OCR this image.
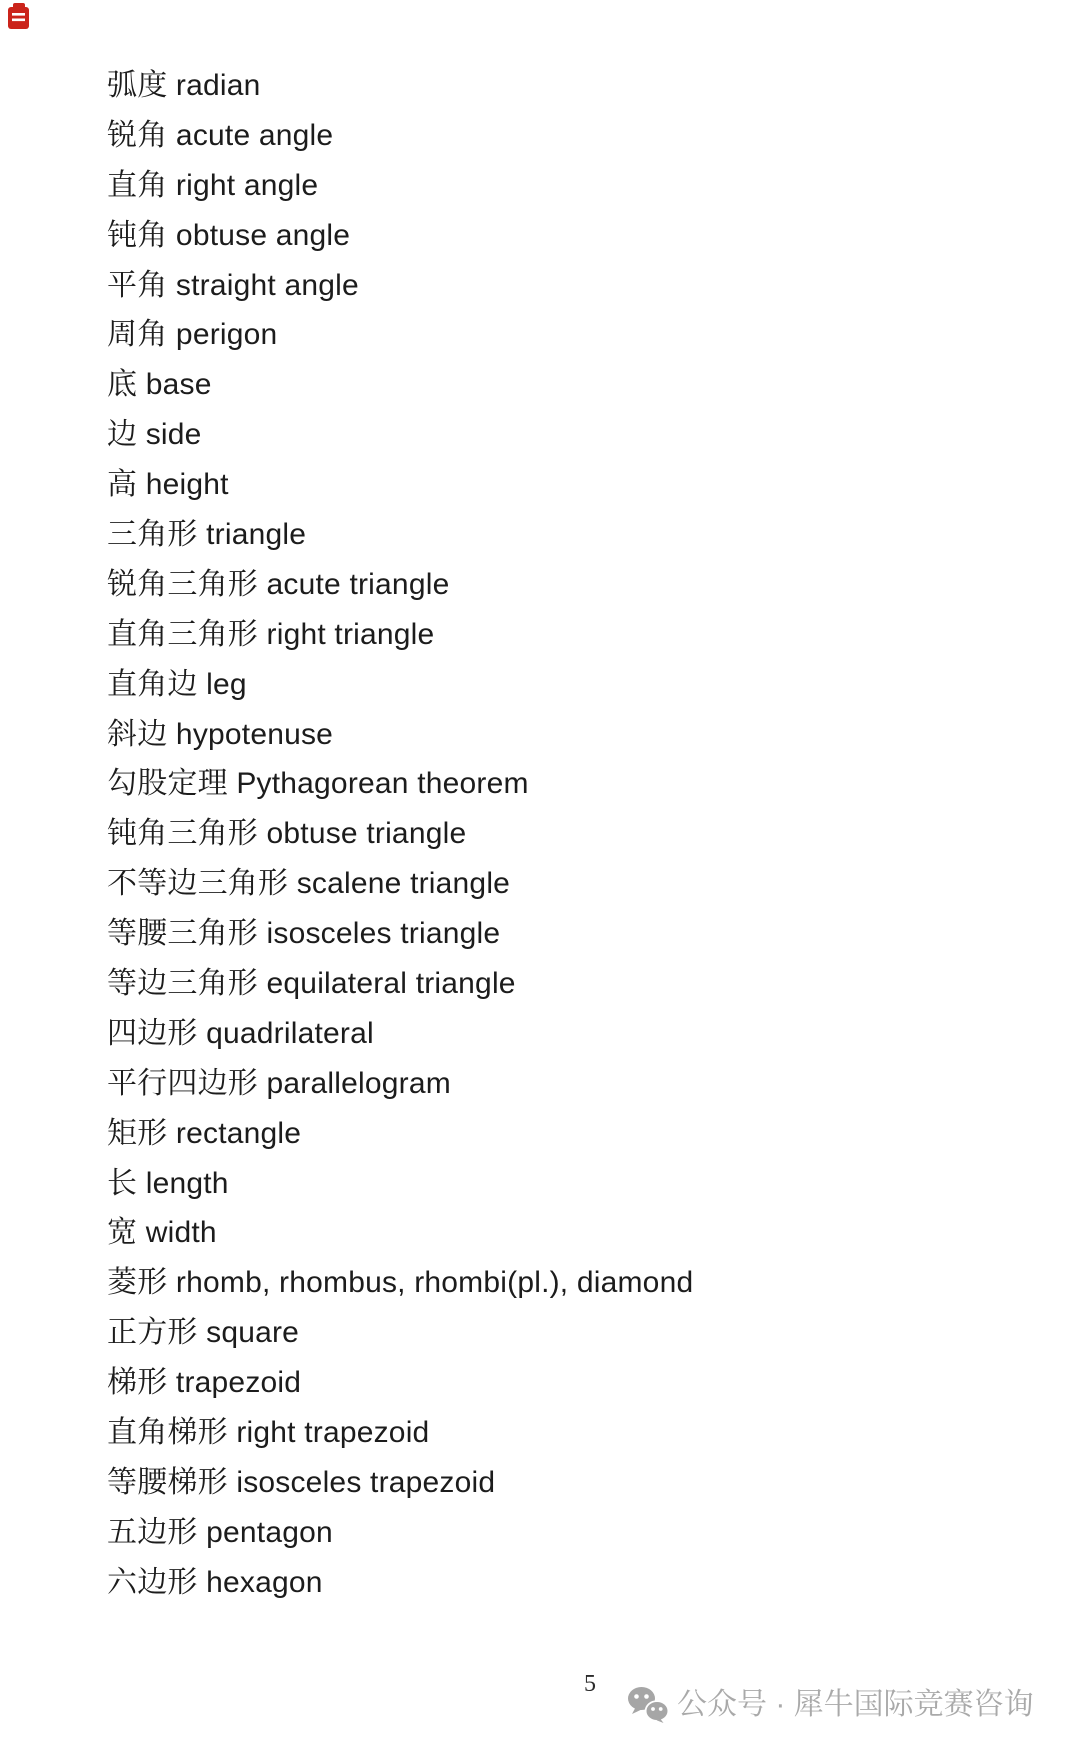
弧度 radian
锐角 acute angle
直角 right angle
钝角 obtuse angle
平角 straight angle
周角 perigon
底 base
边 side
高 height
三角形 triangle
锐角三角形 acute triangle
直角三角形 right triangle
直角边 leg
斜边 hypotenuse
勾股定理 Pythagorean theorem
钝角三角形 obtuse triangle
不等边三角形 scalene triangle
等腰三角形 isosceles triangle
等边三角形 equilateral triangle
四边形 quadrilateral
平行四边形 parallelogram
矩形 rectangle
长 length
宽 width
菱形 rhomb, rhombus, rhombi(pl.), diamond
正方形 square
梯形 trapezoid
直角梯形 right trapezoid
等腰梯形 isosceles trapezoid
五边形 pentagon
六边形 hexagon
5
公众号 · 犀牛国际竞赛咨询
